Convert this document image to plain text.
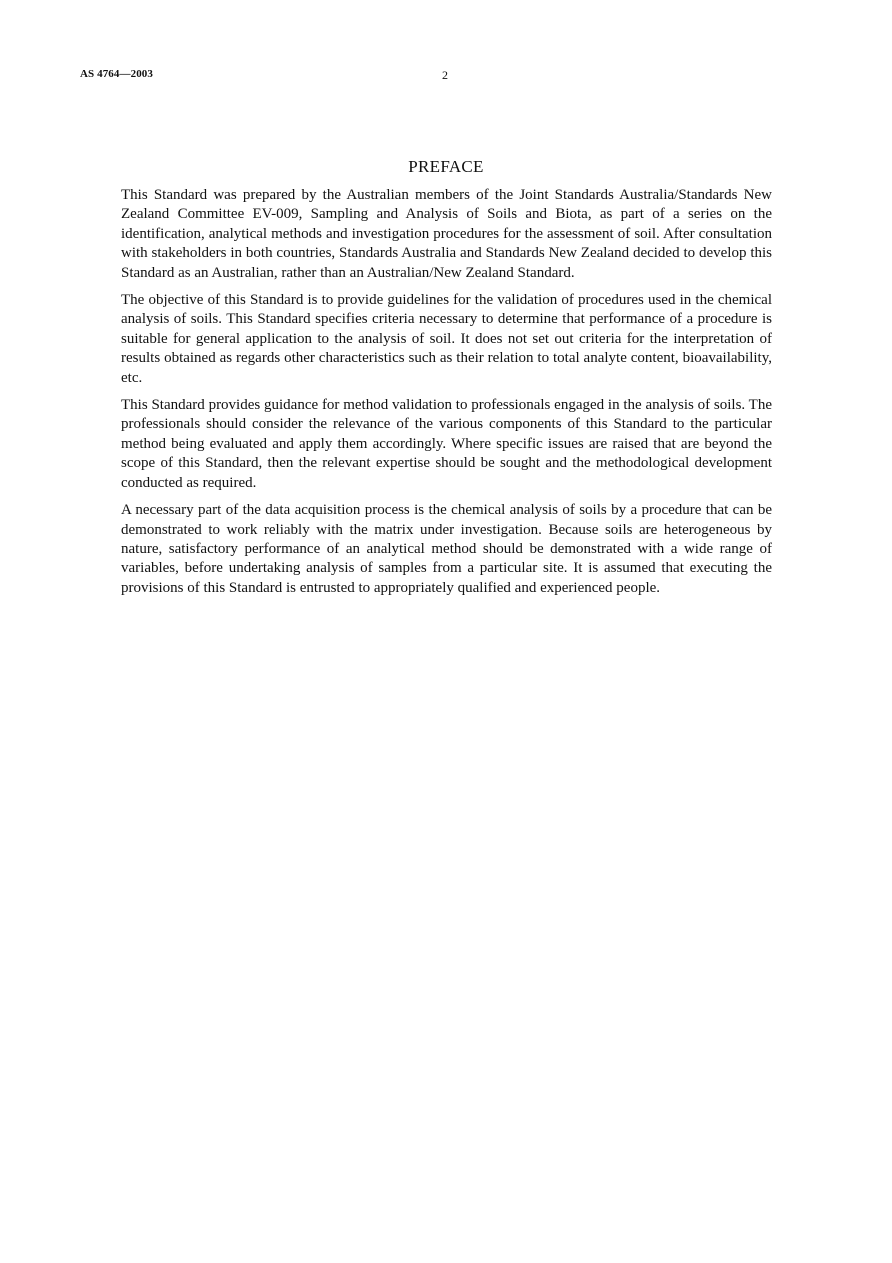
AS 4764—2003	2
PREFACE

This Standard was prepared by the Australian members of the Joint Standards Australia/Standards New Zealand Committee EV-009, Sampling and Analysis of Soils and Biota, as part of a series on the identification, analytical methods and investigation procedures for the assessment of soil. After consultation with stakeholders in both countries, Standards Australia and Standards New Zealand decided to develop this Standard as an Australian, rather than an Australian/New Zealand Standard.

The objective of this Standard is to provide guidelines for the validation of procedures used in the chemical analysis of soils. This Standard specifies criteria necessary to determine that performance of a procedure is suitable for general application to the analysis of soil. It does not set out criteria for the interpretation of results obtained as regards other characteristics such as their relation to total analyte content, bioavailability, etc.

This Standard provides guidance for method validation to professionals engaged in the analysis of soils. The professionals should consider the relevance of the various components of this Standard to the particular method being evaluated and apply them accordingly. Where specific issues are raised that are beyond the scope of this Standard, then the relevant expertise should be sought and the methodological development conducted as required.

A necessary part of the data acquisition process is the chemical analysis of soils by a procedure that can be demonstrated to work reliably with the matrix under investigation. Because soils are heterogeneous by nature, satisfactory performance of an analytical method should be demonstrated with a wide range of variables, before undertaking analysis of samples from a particular site. It is assumed that executing the provisions of this Standard is entrusted to appropriately qualified and experienced people.
